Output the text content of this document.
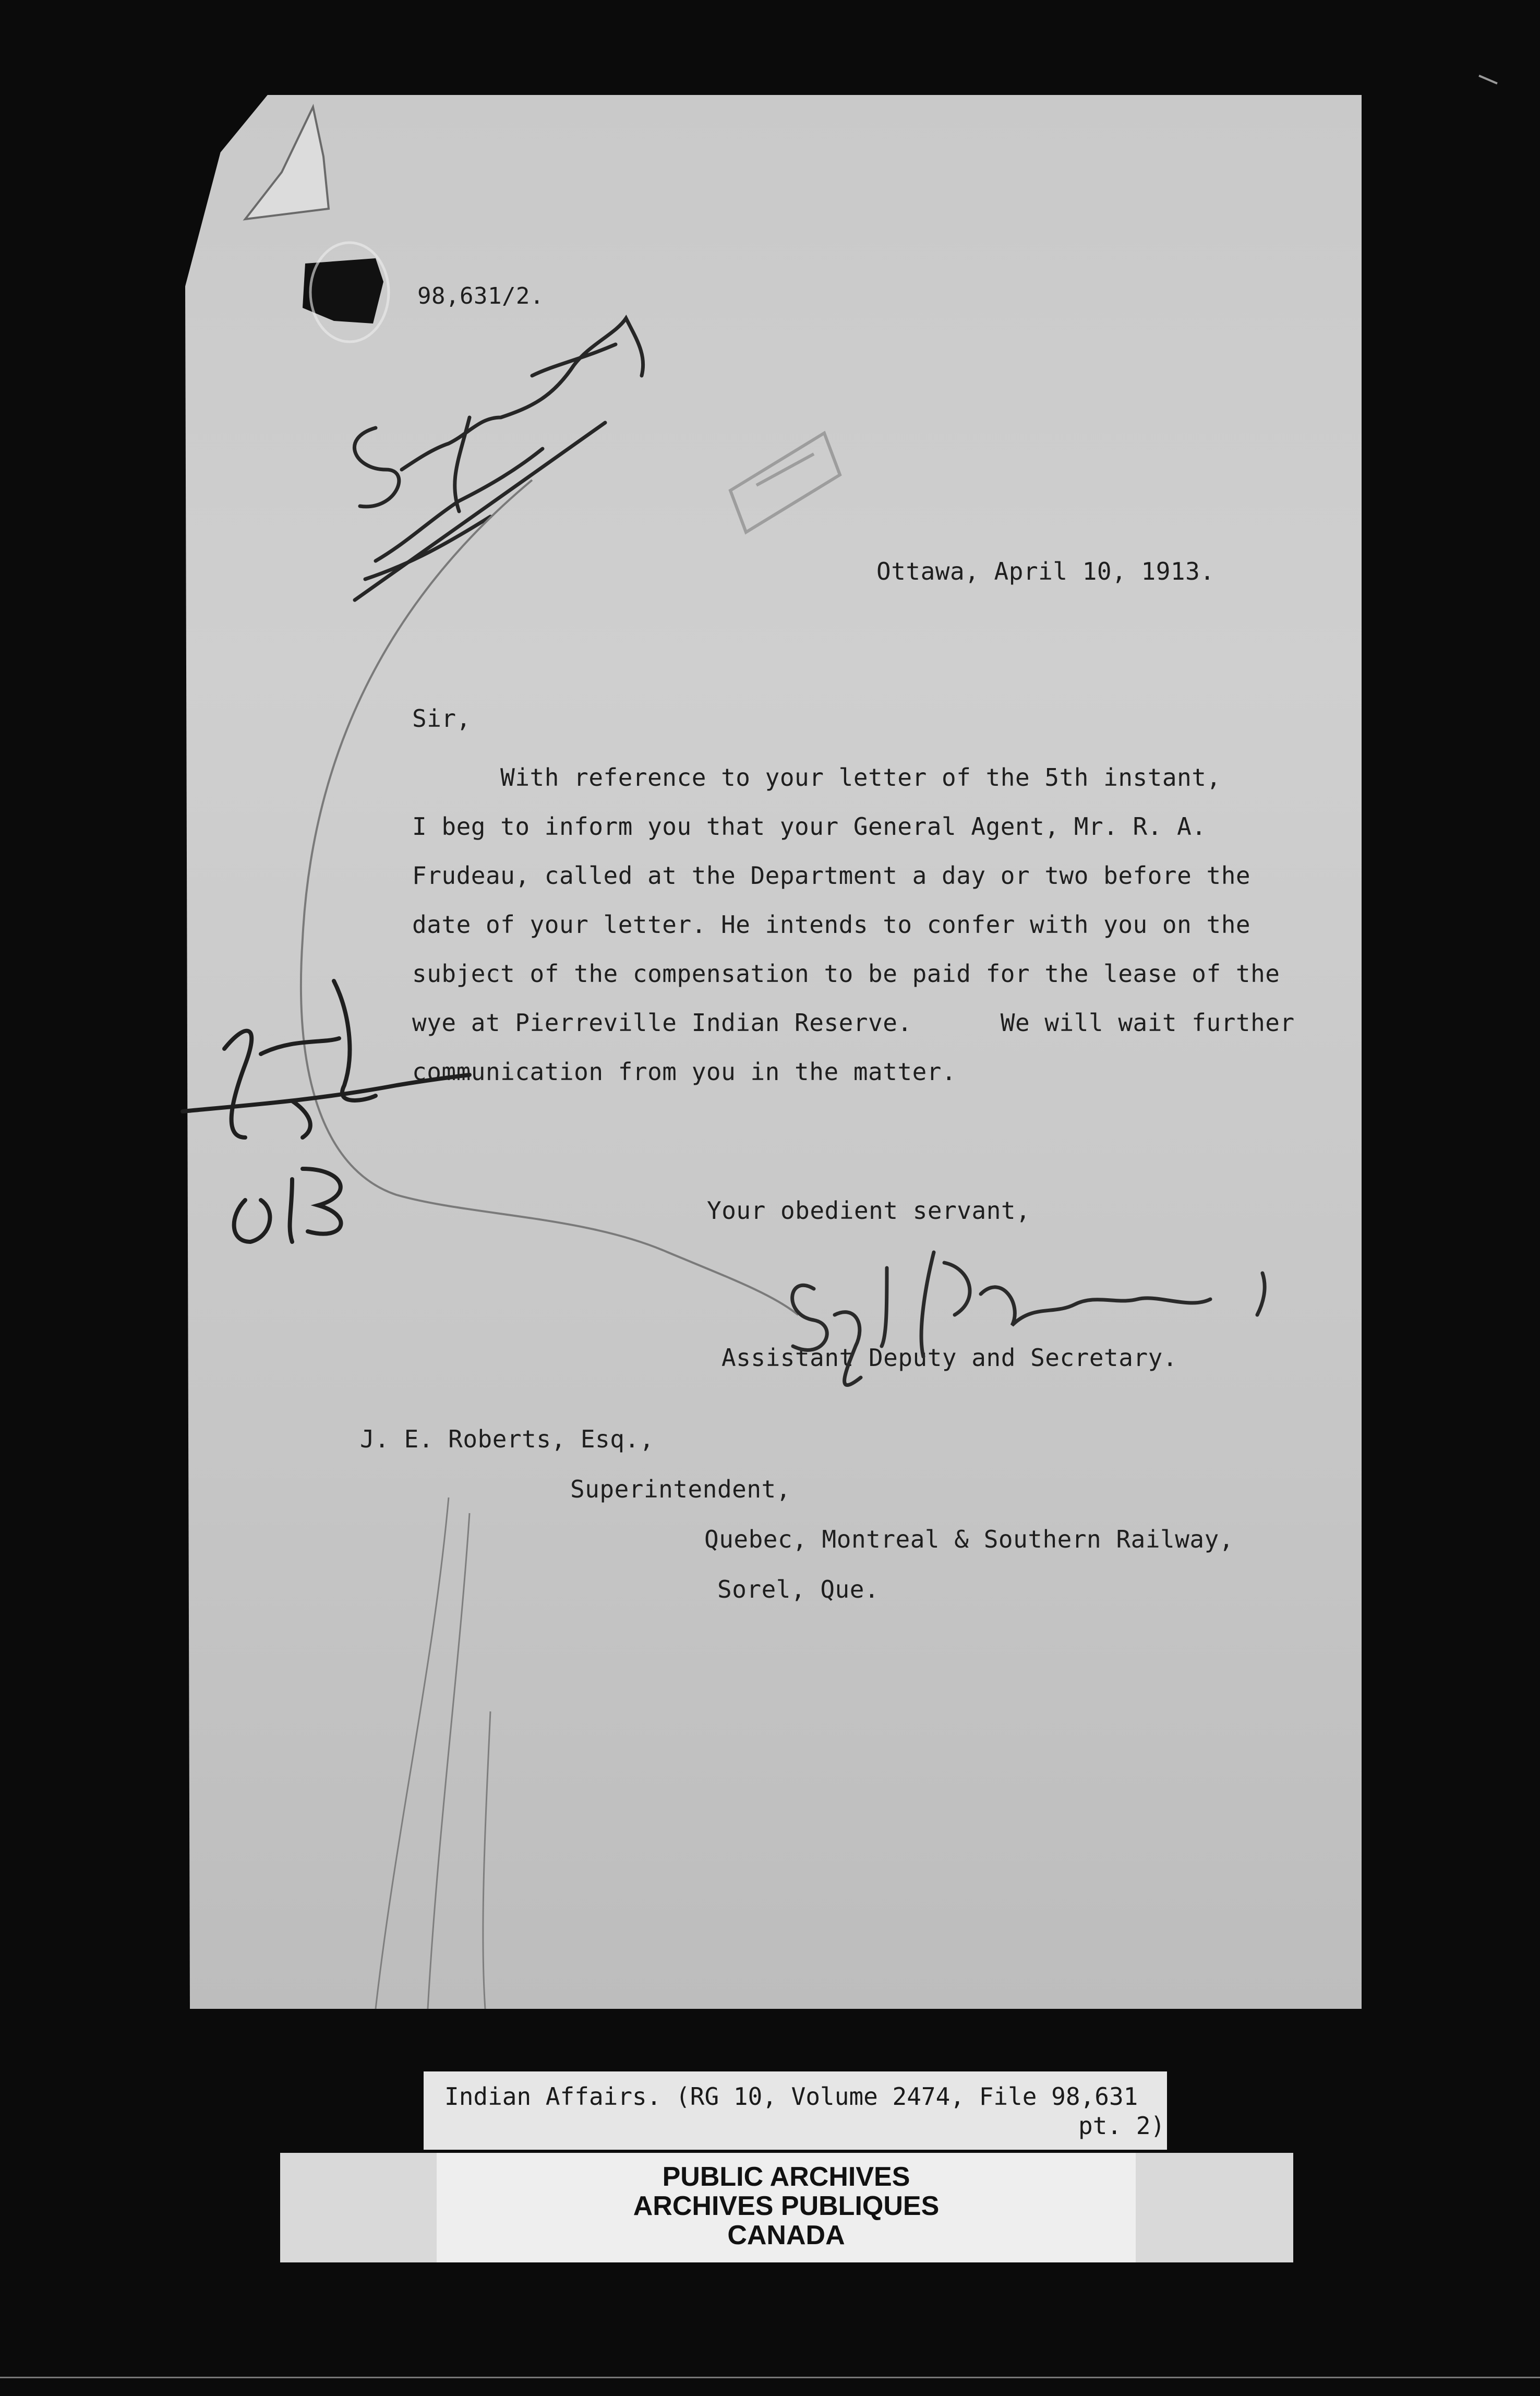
98,631/2.
Ottawa, April 10, 1913.
Sir,
With reference to your letter of the 5th instant,
I beg to inform you that your General Agent, Mr. R. A.
Frudeau, called at the Department a day or two before the
date of your letter. He intends to confer with you on the
subject of the compensation to be paid for the lease of the
wye at Pierreville Indian Reserve.      We will wait further
communication from you in the matter.
Your obedient servant,
Assistant Deputy and Secretary.
J. E. Roberts, Esq.,
Superintendent,
Quebec, Montreal & Southern Railway,
Sorel, Que.
Indian Affairs. (RG 10, Volume 2474, File 98,631
pt. 2)
PUBLIC ARCHIVES
ARCHIVES PUBLIQUES
CANADA
